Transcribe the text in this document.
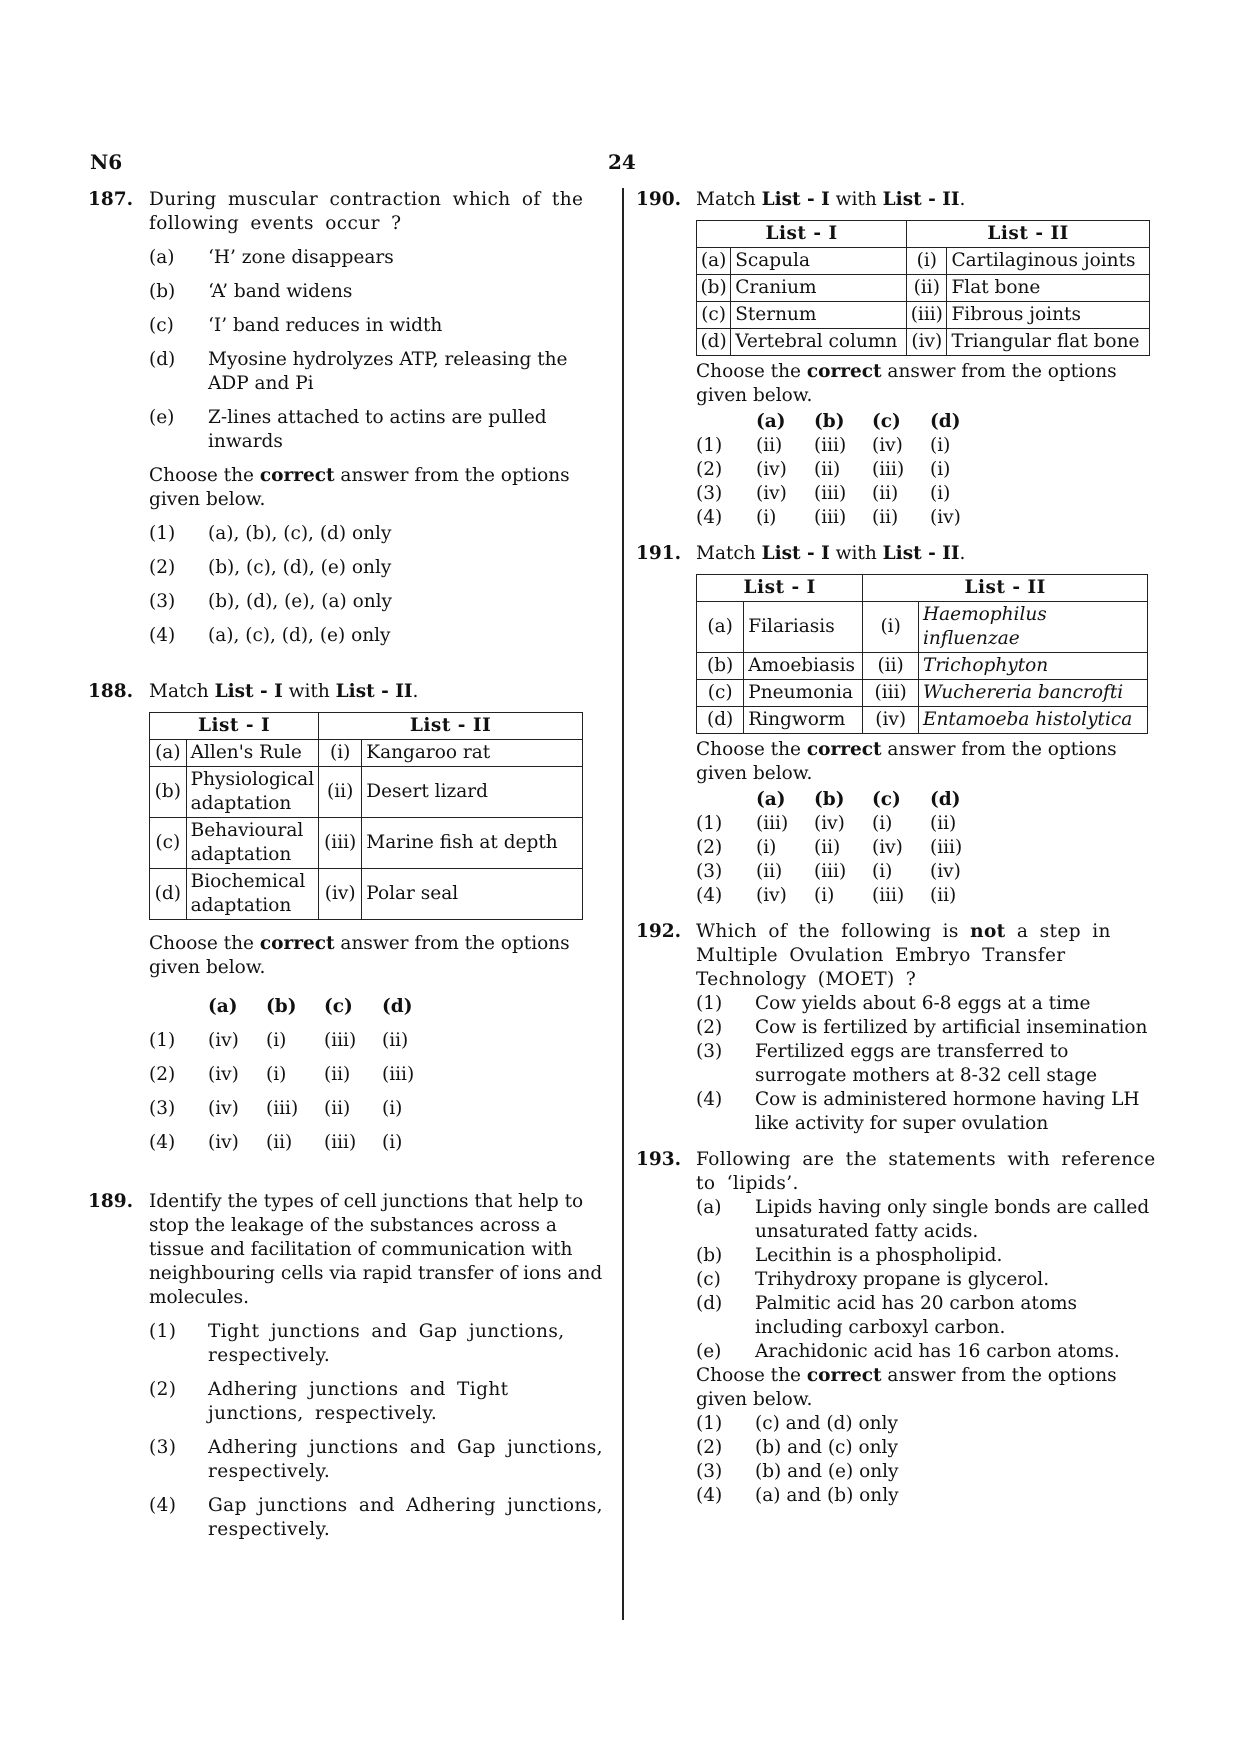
N6	24
187. During muscular contraction which of the following events occur ?
(a) ‘H’ zone disappears
(b) ‘A’ band widens
(c) ‘I’ band reduces in width
(d) Myosine hydrolyzes ATP, releasing the ADP and Pi
(e) Z-lines attached to actins are pulled inwards
Choose the correct answer from the options given below.
(1) (a), (b), (c), (d) only
(2) (b), (c), (d), (e) only
(3) (b), (d), (e), (a) only
(4) (a), (c), (d), (e) only
188. Match List - I with List - II.
List - I		List - II	
(a)	Allen's Rule	(i)	Kangaroo rat
(b)	Physiological adaptation	(ii)	Desert lizard
(c)	Behavioural adaptation	(iii)	Marine fish at depth
(d)	Biochemical adaptation	(iv)	Polar seal
Choose the correct answer from the options given below.
	(a)	(b)	(c)	(d)
(1)	(iv)	(i)	(iii)	(ii)
(2)	(iv)	(i)	(ii)	(iii)
(3)	(iv)	(iii)	(ii)	(i)
(4)	(iv)	(ii)	(iii)	(i)
189. Identify the types of cell junctions that help to stop the leakage of the substances across a tissue and facilitation of communication with neighbouring cells via rapid transfer of ions and molecules.
(1) Tight junctions and Gap junctions, respectively.
(2) Adhering junctions and Tight junctions, respectively.
(3) Adhering junctions and Gap junctions, respectively.
(4) Gap junctions and Adhering junctions, respectively.
190. Match List - I with List - II.
List - I		List - II	
(a)	Scapula	(i)	Cartilaginous joints
(b)	Cranium	(ii)	Flat bone
(c)	Sternum	(iii)	Fibrous joints
(d)	Vertebral column	(iv)	Triangular flat bone
Choose the correct answer from the options given below.
	(a)	(b)	(c)	(d)
(1)	(ii)	(iii)	(iv)	(i)
(2)	(iv)	(ii)	(iii)	(i)
(3)	(iv)	(iii)	(ii)	(i)
(4)	(i)	(iii)	(ii)	(iv)
191. Match List - I with List - II.
List - I		List - II	
(a)	Filariasis	(i)	Haemophilus influenzae
(b)	Amoebiasis	(ii)	Trichophyton
(c)	Pneumonia	(iii)	Wuchereria bancrofti
(d)	Ringworm	(iv)	Entamoeba histolytica
Choose the correct answer from the options given below.
	(a)	(b)	(c)	(d)
(1)	(iii)	(iv)	(i)	(ii)
(2)	(i)	(ii)	(iv)	(iii)
(3)	(ii)	(iii)	(i)	(iv)
(4)	(iv)	(i)	(iii)	(ii)
192. Which of the following is not a step in Multiple Ovulation Embryo Transfer Technology (MOET) ?
(1) Cow yields about 6-8 eggs at a time
(2) Cow is fertilized by artificial insemination
(3) Fertilized eggs are transferred to surrogate mothers at 8-32 cell stage
(4) Cow is administered hormone having LH like activity for super ovulation
193. Following are the statements with reference to ‘lipids’.
(a) Lipids having only single bonds are called unsaturated fatty acids.
(b) Lecithin is a phospholipid.
(c) Trihydroxy propane is glycerol.
(d) Palmitic acid has 20 carbon atoms including carboxyl carbon.
(e) Arachidonic acid has 16 carbon atoms.
Choose the correct answer from the options given below.
(1) (c) and (d) only
(2) (b) and (c) only
(3) (b) and (e) only
(4) (a) and (b) only
